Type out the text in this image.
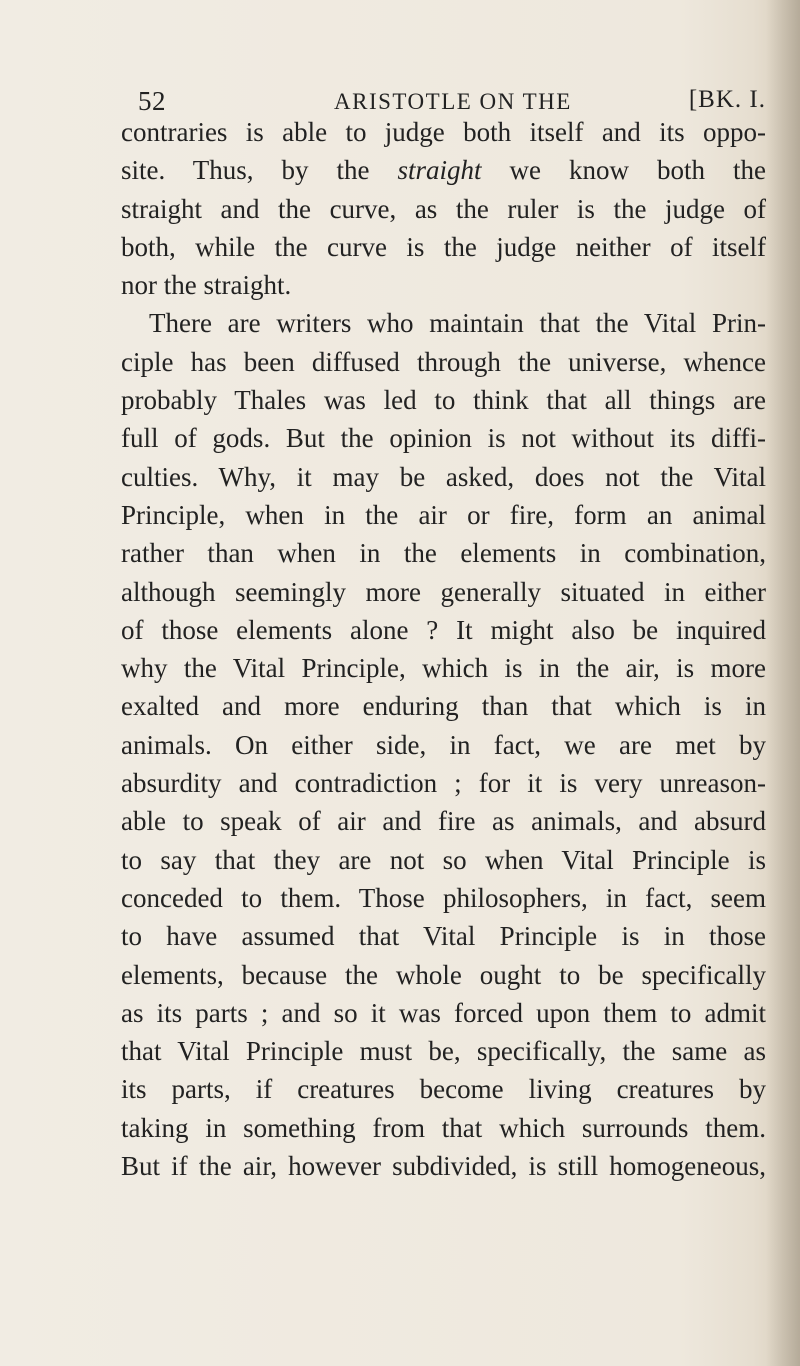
52	ARISTOTLE ON THE	[BK. I.
contraries is able to judge both itself and its oppo-
site. Thus, by the straight we know both the
straight and the curve, as the ruler is the judge of
both, while the curve is the judge neither of itself
nor the straight.
There are writers who maintain that the Vital Prin-
ciple has been diffused through the universe, whence
probably Thales was led to think that all things are
full of gods. But the opinion is not without its diffi-
culties. Why, it may be asked, does not the Vital
Principle, when in the air or fire, form an animal
rather than when in the elements in combination,
although seemingly more generally situated in either
of those elements alone ? It might also be inquired
why the Vital Principle, which is in the air, is more
exalted and more enduring than that which is in
animals. On either side, in fact, we are met by
absurdity and contradiction ; for it is very unreason-
able to speak of air and fire as animals, and absurd
to say that they are not so when Vital Principle is
conceded to them. Those philosophers, in fact, seem
to have assumed that Vital Principle is in those
elements, because the whole ought to be specifically
as its parts ; and so it was forced upon them to admit
that Vital Principle must be, specifically, the same as
its parts, if creatures become living creatures by
taking in something from that which surrounds them.
But if the air, however subdivided, is still homogeneous,
